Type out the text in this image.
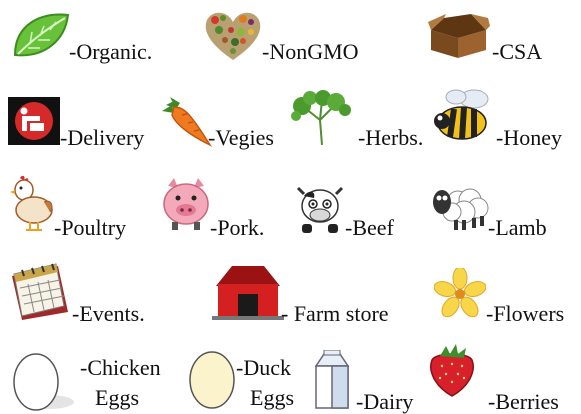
-Organic.	-NonGMO	-CSA
-Delivery	-Vegies	-Herbs.	-Honey
-Poultry	-Pork.	-Beef	-Lamb
-Events.	- Farm store	-Flowers
-Chicken
Eggs
-Duck
Eggs	-Dairy	-Berries
